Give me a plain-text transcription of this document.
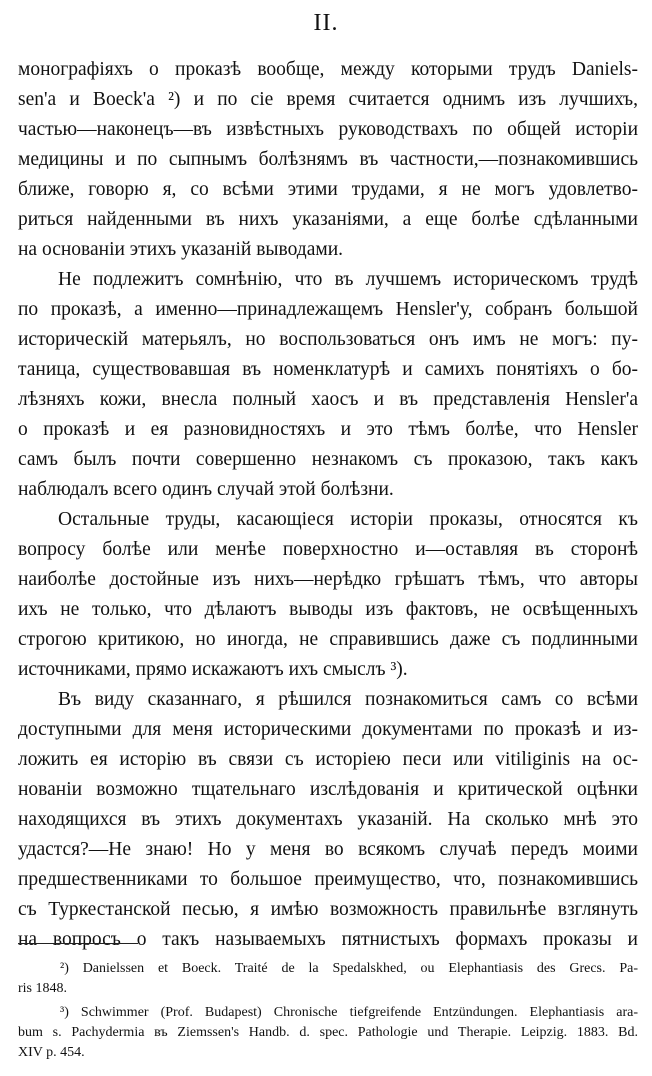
II.
монографiяхъ о проказѣ вообще, между которыми трудъ Daniels-
sen'а и Boeck'а ²) и по сie время считается однимъ изъ лучшихъ,
частью—наконецъ—въ извѣстныхъ руководствахъ по общей исторiи
медицины и по сыпнымъ болѣзнямъ въ частности,—познакомившись
ближе, говорю я, со всѣми этими трудами, я не могъ удовлетво-
риться найденными въ нихъ указанiями, а еще болѣе сдѣланными
на основанiи этихъ указанiй выводами.
Не подлежитъ сомнѣнiю, что въ лучшемъ историческомъ трудѣ
по проказѣ, а именно—принадлежащемъ Hensler'у, собранъ большой
историческiй матерьялъ, но воспользоваться онъ имъ не могъ: пу-
таница, существовавшая въ номенклатурѣ и самихъ понятiяхъ о бо-
лѣзняхъ кожи, внесла полный хаосъ и въ представленiя Hensler'а
о проказѣ и ея разновидностяхъ и это тѣмъ болѣе, что Hensler
самъ былъ почти совершенно незнакомъ съ проказою, такъ какъ
наблюдалъ всего одинъ случай этой болѣзни.
Остальные труды, касающiеся исторiи проказы, относятся къ
вопросу болѣе или менѣе поверхностно и—оставляя въ сторонѣ
наиболѣе достойные изъ нихъ—нерѣдко грѣшатъ тѣмъ, что авторы
ихъ не только, что дѣлаютъ выводы изъ фактовъ, не освѣщенныхъ
строгою критикою, но иногда, не справившись даже съ подлинными
источниками, прямо искажаютъ ихъ смыслъ ³).
Въ виду сказаннаго, я рѣшился познакомиться самъ со всѣми
доступными для меня историческими документами по проказѣ и из-
ложить ея исторiю въ связи съ исторiею песи или vitiliginis на ос-
нованiи возможно тщательнаго изслѣдованiя и критической оцѣнки
находящихся въ этихъ документахъ указанiй. На сколько мнѣ это
удастся?—Не знаю! Но у меня во всякомъ случаѣ передъ моими
предшественниками то большое преимущество, что, познакомившись
съ Туркестанской песью, я имѣю возможность правильнѣе взглянуть
на вопросъ о такъ называемыхъ пятнистыхъ формахъ проказы и
²) Danielssen et Boeck. Traité de la Spedalskhed, ou Elephantiasis des Grecs. Pa-
ris 1848.
³) Schwimmer (Prof. Budapest) Chronische tiefgreifende Entzündungen. Elephantiasis ara-
bum s. Pachydermia въ Ziemssen's Handb. d. spec. Pathologie und Therapie. Leipzig. 1883. Bd.
XIV p. 454.
